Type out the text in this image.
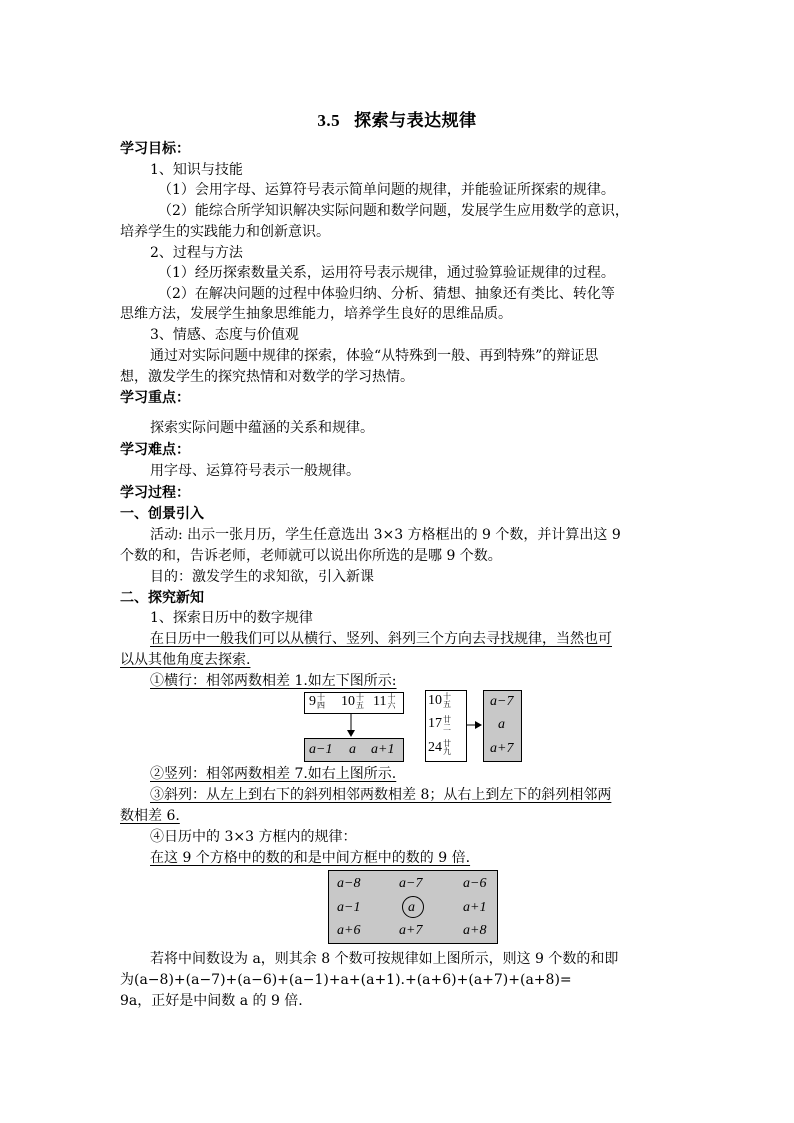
3.5 探索与表达规律
学习目标：
1、知识与技能
（1）会用字母、运算符号表示简单问题的规律，并能验证所探索的规律。
（2）能综合所学知识解决实际问题和数学问题，发展学生应用数学的意识，
培养学生的实践能力和创新意识。
2、过程与方法
（1）经历探索数量关系，运用符号表示规律，通过验算验证规律的过程。
（2）在解决问题的过程中体验归纳、分析、猜想、抽象还有类比、转化等
思维方法，发展学生抽象思维能力，培养学生良好的思维品质。
3、情感、态度与价值观
通过对实际问题中规律的探索，体验“从特殊到一般、再到特殊”的辩证思
想，激发学生的探究热情和对数学的学习热情。
学习重点：
探索实际问题中蕴涵的关系和规律。
学习难点：
用字母、运算符号表示一般规律。
学习过程：
一、创景引入
活动: 出示一张月历，学生任意选出 3×3 方格框出的 9 个数，并计算出这 9
个数的和，告诉老师，老师就可以说出你所选的是哪 9 个数。
目的：激发学生的求知欲，引入新课
二、探究新知
1、探索日历中的数字规律
在日历中一般我们可以从横行、竖列、斜列三个方向去寻找规律，当然也可
以从其他角度去探索.
①横行：相邻两数相差 1.如左下图所示:
9十
四 10十
五 11十
六
a−1 a a+1
10十
五
17廿
二
24廿
九
a−7
a
a+7
②竖列：相邻两数相差 7.如右上图所示.
③斜列：从左上到右下的斜列相邻两数相差 8；从右上到左下的斜列相邻两
数相差 6.
④日历中的 3×3 方框内的规律：
在这 9 个方格中的数的和是中间方框中的数的 9 倍.
a−8	a−7	a−6
a−1	a	a+1
a+6	a+7	a+8
若将中间数设为 a，则其余 8 个数可按规律如上图所示，则这 9 个数的和即
为(a−8)+(a−7)+(a−6)+(a−1)+a+(a+1).+(a+6)+(a+7)+(a+8)=
9a，正好是中间数 a 的 9 倍.
